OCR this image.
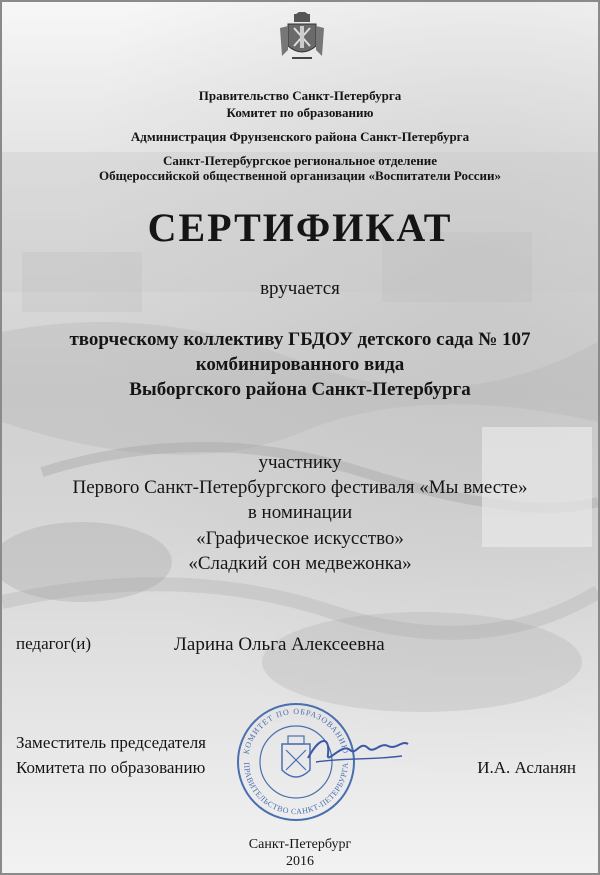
Правительство Санкт-Петербурга
Комитет по образованию
Администрация Фрунзенского района Санкт-Петербурга
Санкт-Петербургское региональное отделение
Общероссийской общественной организации «Воспитатели России»
СЕРТИФИКАТ
вручается
творческому коллективу ГБДОУ детского сада № 107
комбинированного вида
Выборгского района Санкт-Петербурга
участнику
Первого Санкт-Петербургского фестиваля «Мы вместе»
в номинации
«Графическое искусство»
«Сладкий сон медвежонка»
педагог(и)	Ларина Ольга Алексеевна
КОМИТЕТ ПО ОБРАЗОВАНИЮ
ПРАВИТЕЛЬСТВО САНКТ-ПЕТЕРБУРГА
Заместитель председателя
Комитета по образованию	И.А. Асланян
Санкт-Петербург
2016
